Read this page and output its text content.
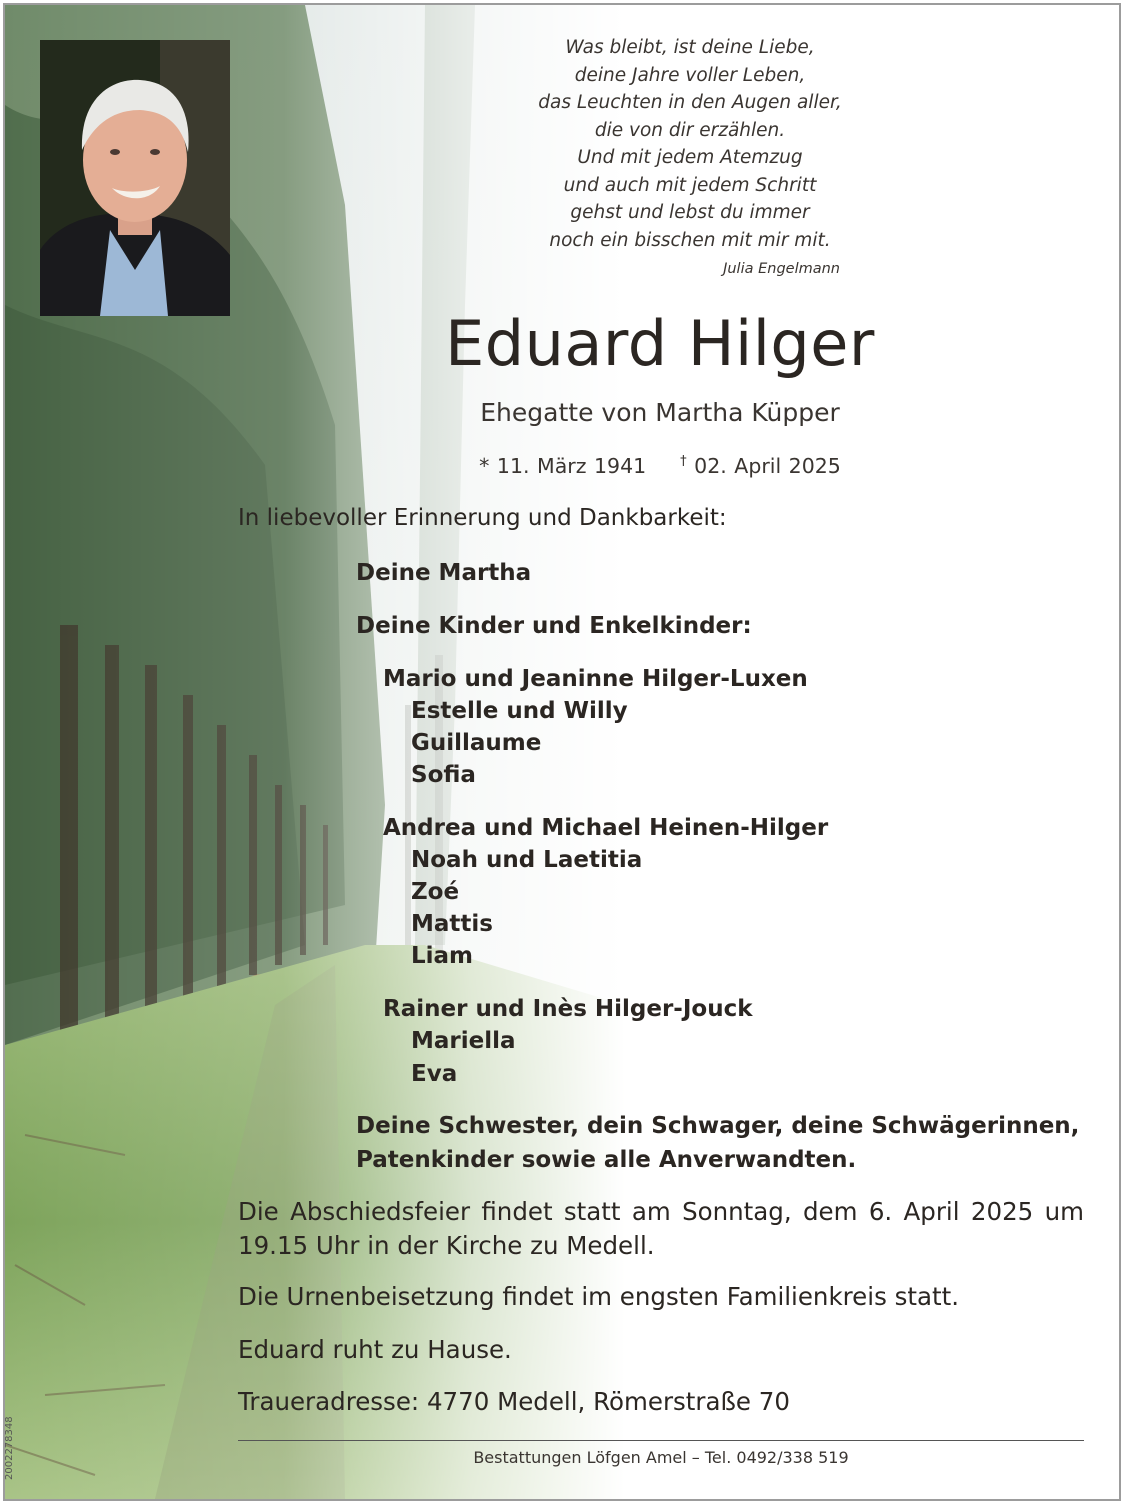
Was bleibt, ist deine Liebe,
deine Jahre voller Leben,
das Leuchten in den Augen aller,
die von dir erzählen.
Und mit jedem Atemzug
und auch mit jedem Schritt
gehst und lebst du immer
noch ein bisschen mit mir mit.
Julia Engelmann
Eduard Hilger
Ehegatte von Martha Küpper
* 11. März 1941	† 02. April 2025
In liebevoller Erinnerung und Dankbarkeit:
Deine Martha
Deine Kinder und Enkelkinder:
Mario und Jeaninne Hilger-Luxen
Estelle und Willy
Guillaume
Sofia
Andrea und Michael Heinen-Hilger
Noah und Laetitia
Zoé
Mattis
Liam
Rainer und Inès Hilger-Jouck
Mariella
Eva
Deine Schwester, dein Schwager, deine Schwägerinnen,
Patenkinder sowie alle Anverwandten.
Die Abschiedsfeier findet statt am Sonntag, dem 6. April 2025 um 19.15 Uhr in der Kirche zu Medell.
Die Urnenbeisetzung findet im engsten Familienkreis statt.
Eduard ruht zu Hause.
Traueradresse: 4770 Medell, Römerstraße 70
Bestattungen Löfgen Amel – Tel. 0492/338 519
2002278348
